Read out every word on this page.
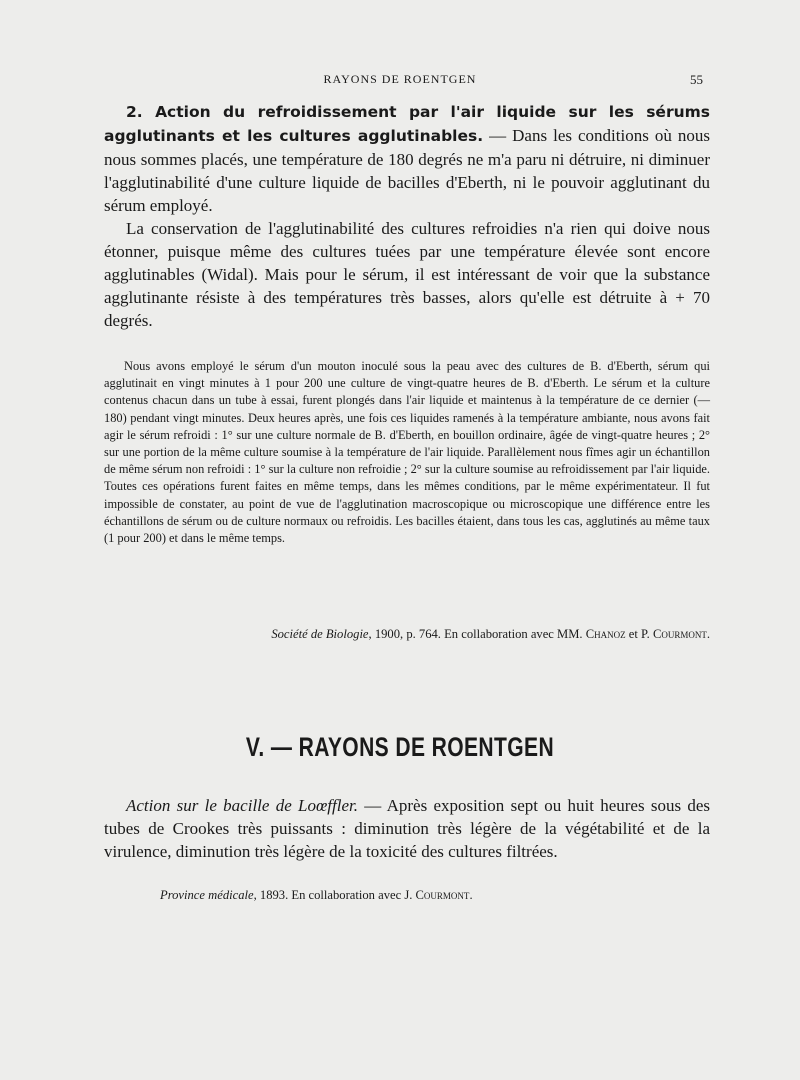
RAYONS DE ROENTGEN	55

2. Action du refroidissement par l'air liquide sur les sérums agglutinants et les cultures agglutinables. — Dans les conditions où nous nous sommes placés, une température de 180 degrés ne m'a paru ni détruire, ni diminuer l'agglutinabilité d'une culture liquide de bacilles d'Eberth, ni le pouvoir agglutinant du sérum employé.

La conservation de l'agglutinabilité des cultures refroidies n'a rien qui doive nous étonner, puisque même des cultures tuées par une température élevée sont encore agglutinables (Widal). Mais pour le sérum, il est intéressant de voir que la substance agglutinante résiste à des températures très basses, alors qu'elle est détruite à + 70 degrés.

Nous avons employé le sérum d'un mouton inoculé sous la peau avec des cultures de B. d'Eberth, sérum qui agglutinait en vingt minutes à 1 pour 200 une culture de vingt-quatre heures de B. d'Eberth. Le sérum et la culture contenus chacun dans un tube à essai, furent plongés dans l'air liquide et maintenus à la température de ce dernier (— 180) pendant vingt minutes. Deux heures après, une fois ces liquides ramenés à la température ambiante, nous avons fait agir le sérum refroidi : 1° sur une culture normale de B. d'Eberth, en bouillon ordinaire, âgée de vingt-quatre heures ; 2° sur une portion de la même culture soumise à la température de l'air liquide. Parallèlement nous fîmes agir un échantillon de même sérum non refroidi : 1° sur la culture non refroidie ; 2° sur la culture soumise au refroidissement par l'air liquide. Toutes ces opérations furent faites en même temps, dans les mêmes conditions, par le même expérimentateur. Il fut impossible de constater, au point de vue de l'agglutination macroscopique ou microscopique une différence entre les échantillons de sérum ou de culture normaux ou refroidis. Les bacilles étaient, dans tous les cas, agglutinés au même taux (1 pour 200) et dans le même temps.

Société de Biologie, 1900, p. 764. En collaboration avec MM. Chanoz et P. Courmont.
V. — RAYONS DE ROENTGEN

Action sur le bacille de Loœffler. — Après exposition sept ou huit heures sous des tubes de Crookes très puissants : diminution très légère de la végétabilité et de la virulence, diminution très légère de la toxicité des cultures filtrées.

Province médicale, 1893. En collaboration avec J. Courmont.
